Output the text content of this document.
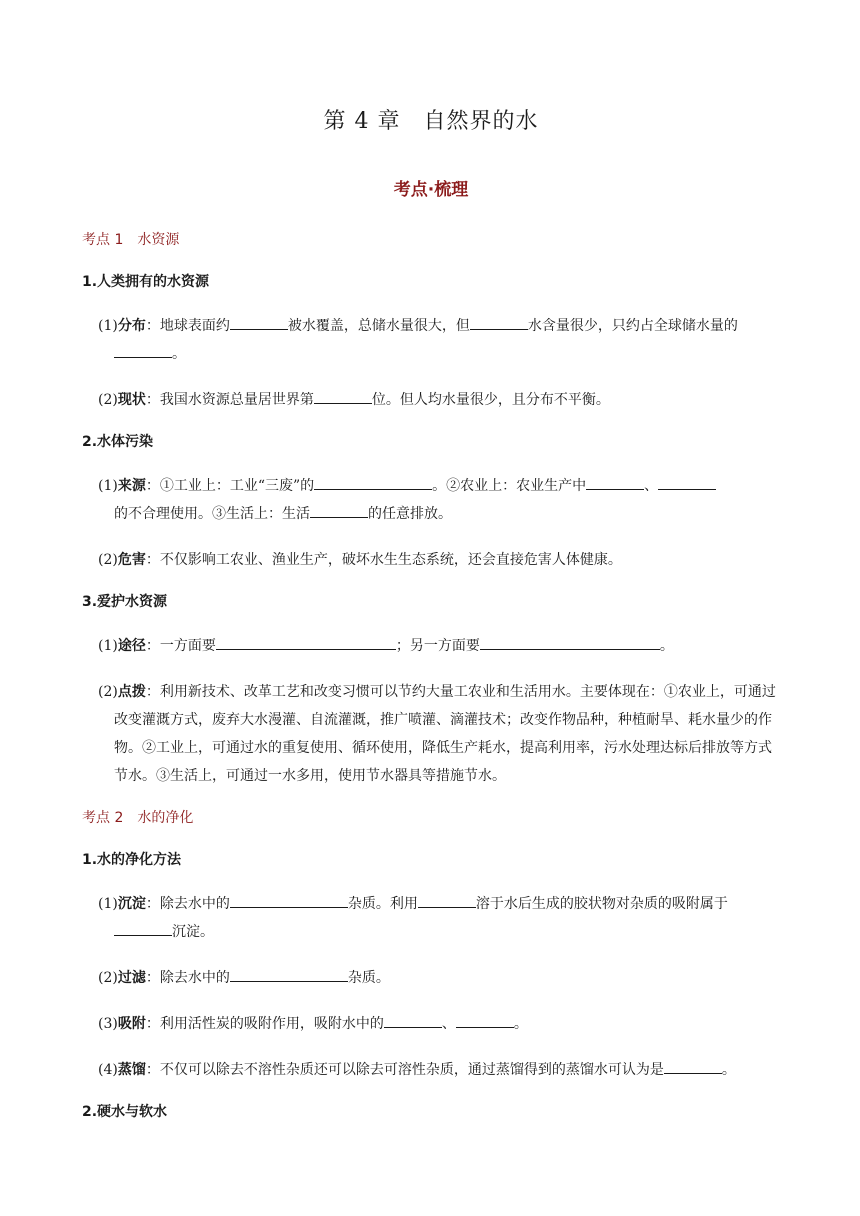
第 4 章　自然界的水
考点·梳理
考点 1 水资源
1.人类拥有的水资源
(1)分布：地球表面约	被水覆盖，总储水量很大，但	水含量很少，只约占全球储水量的
。
(2)现状：我国水资源总量居世界第	位。但人均水量很少，且分布不平衡。
2.水体污染
(1)来源：①工业上：工业“三废”的	。②农业上：农业生产中	、
的不合理使用。③生活上：生活	的任意排放。
(2)危害：不仅影响工农业、渔业生产，破坏水生生态系统，还会直接危害人体健康。
3.爱护水资源
(1)途径：一方面要	；另一方面要	。
(2)点拨：利用新技术、改革工艺和改变习惯可以节约大量工农业和生活用水。主要体现在：①农业上，可通过改变灌溉方式，废弃大水漫灌、自流灌溉，推广喷灌、滴灌技术；改变作物品种，种植耐旱、耗水量少的作物。②工业上，可通过水的重复使用、循环使用，降低生产耗水，提高利用率，污水处理达标后排放等方式节水。③生活上，可通过一水多用，使用节水器具等措施节水。
考点 2 水的净化
1.水的净化方法
(1)沉淀：除去水中的	杂质。利用	溶于水后生成的胶状物对杂质的吸附属于
沉淀。
(2)过滤：除去水中的	杂质。
(3)吸附：利用活性炭的吸附作用，吸附水中的	、	。
(4)蒸馏：不仅可以除去不溶性杂质还可以除去可溶性杂质，通过蒸馏得到的蒸馏水可认为是	。
2.硬水与软水
